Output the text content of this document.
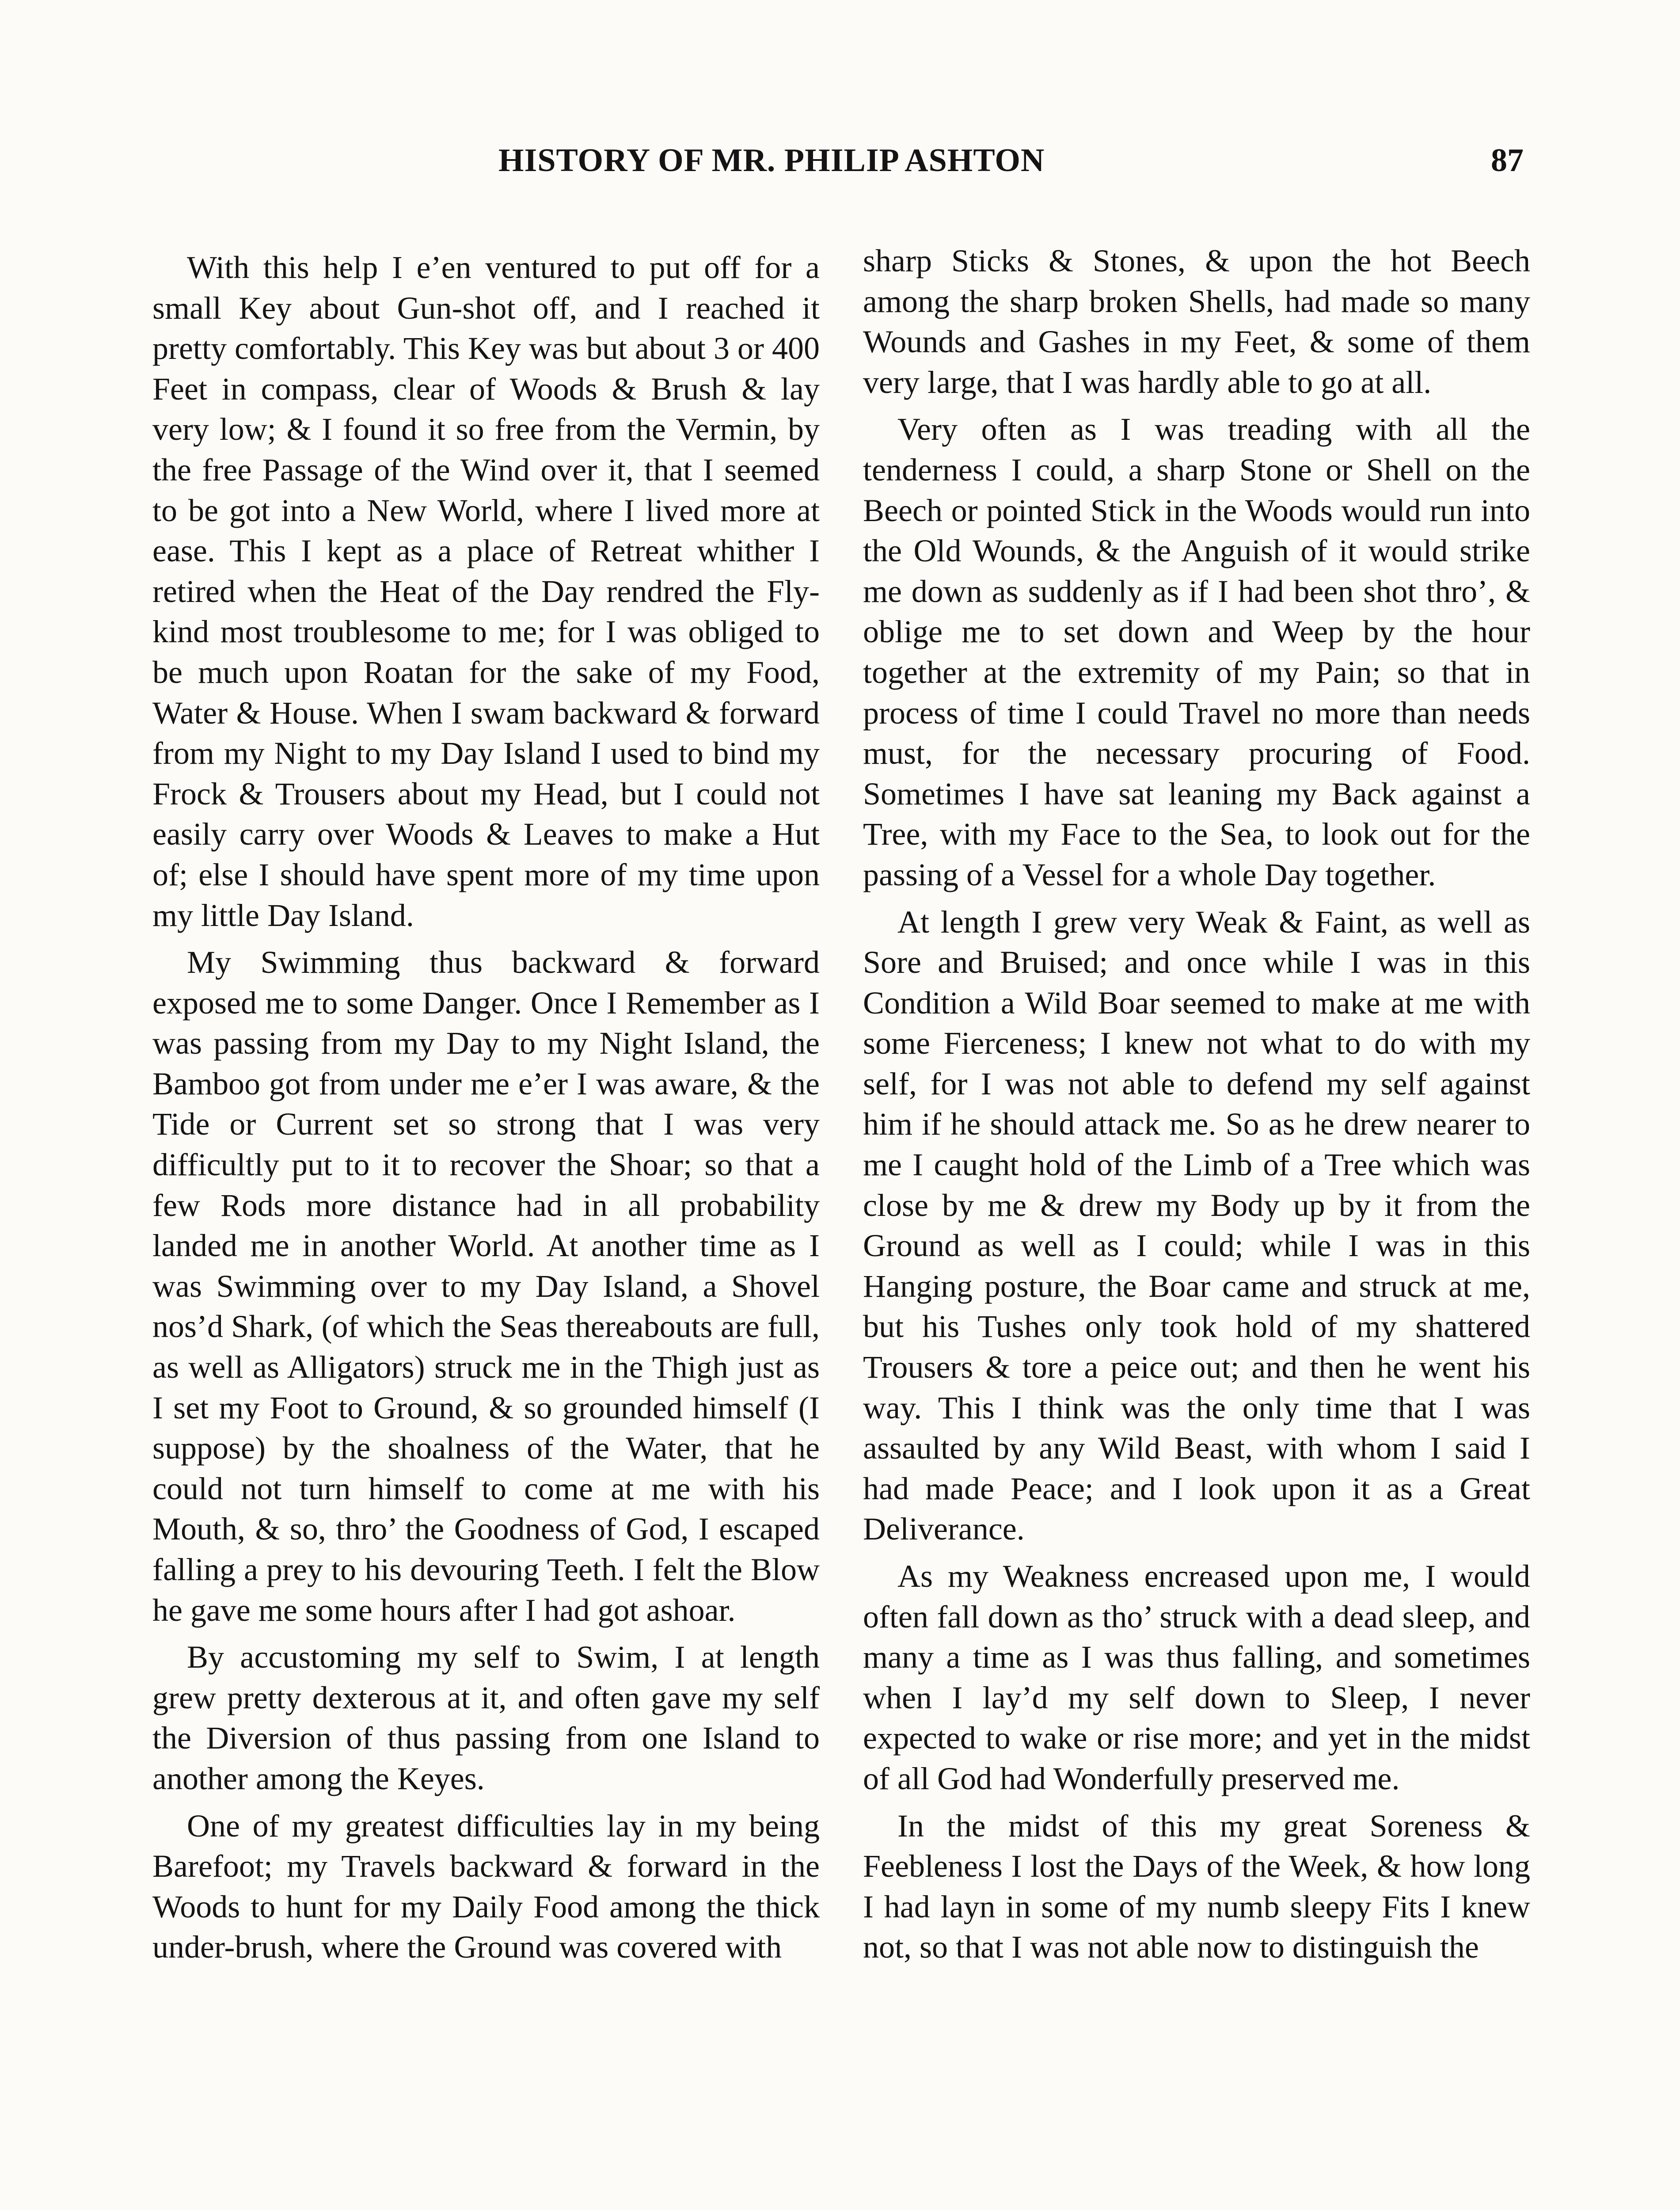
HISTORY OF MR. PHILIP ASHTON	87

With this help I e’en ventured to put off for a small Key about Gun-shot off, and I reached it pretty comfortably. This Key was but about 3 or 400 Feet in compass, clear of Woods & Brush & lay very low; & I found it so free from the Vermin, by the free Passage of the Wind over it, that I seemed to be got into a New World, where I lived more at ease. This I kept as a place of Retreat whither I retired when the Heat of the Day rendred the Fly-kind most troublesome to me; for I was obliged to be much upon Roatan for the sake of my Food, Water & House. When I swam backward & forward from my Night to my Day Island I used to bind my Frock & Trousers about my Head, but I could not easily carry over Woods & Leaves to make a Hut of; else I should have spent more of my time upon my little Day Island.

My Swimming thus backward & forward exposed me to some Danger. Once I Remember as I was passing from my Day to my Night Island, the Bamboo got from under me e’er I was aware, & the Tide or Current set so strong that I was very difficultly put to it to recover the Shoar; so that a few Rods more distance had in all probability landed me in another World. At another time as I was Swimming over to my Day Island, a Shovel nos’d Shark, (of which the Seas thereabouts are full, as well as Alligators) struck me in the Thigh just as I set my Foot to Ground, & so grounded himself (I suppose) by the shoalness of the Water, that he could not turn himself to come at me with his Mouth, & so, thro’ the Goodness of God, I escaped falling a prey to his devouring Teeth. I felt the Blow he gave me some hours after I had got ashoar.

By accustoming my self to Swim, I at length grew pretty dexterous at it, and often gave my self the Diversion of thus passing from one Island to another among the Keyes.

One of my greatest difficulties lay in my being Barefoot; my Travels backward & forward in the Woods to hunt for my Daily Food among the thick under-brush, where the Ground was covered with

sharp Sticks & Stones, & upon the hot Beech among the sharp broken Shells, had made so many Wounds and Gashes in my Feet, & some of them very large, that I was hardly able to go at all.

Very often as I was treading with all the tenderness I could, a sharp Stone or Shell on the Beech or pointed Stick in the Woods would run into the Old Wounds, & the Anguish of it would strike me down as suddenly as if I had been shot thro’, & oblige me to set down and Weep by the hour together at the extremity of my Pain; so that in process of time I could Travel no more than needs must, for the necessary procuring of Food. Sometimes I have sat leaning my Back against a Tree, with my Face to the Sea, to look out for the passing of a Vessel for a whole Day together.

At length I grew very Weak & Faint, as well as Sore and Bruised; and once while I was in this Condition a Wild Boar seemed to make at me with some Fierceness; I knew not what to do with my self, for I was not able to defend my self against him if he should attack me. So as he drew nearer to me I caught hold of the Limb of a Tree which was close by me & drew my Body up by it from the Ground as well as I could; while I was in this Hanging posture, the Boar came and struck at me, but his Tushes only took hold of my shattered Trousers & tore a peice out; and then he went his way. This I think was the only time that I was assaulted by any Wild Beast, with whom I said I had made Peace; and I look upon it as a Great Deliverance.

As my Weakness encreased upon me, I would often fall down as tho’ struck with a dead sleep, and many a time as I was thus falling, and sometimes when I lay’d my self down to Sleep, I never expected to wake or rise more; and yet in the midst of all God had Wonderfully preserved me.

In the midst of this my great Soreness & Feebleness I lost the Days of the Week, & how long I had layn in some of my numb sleepy Fits I knew not, so that I was not able now to distinguish the
